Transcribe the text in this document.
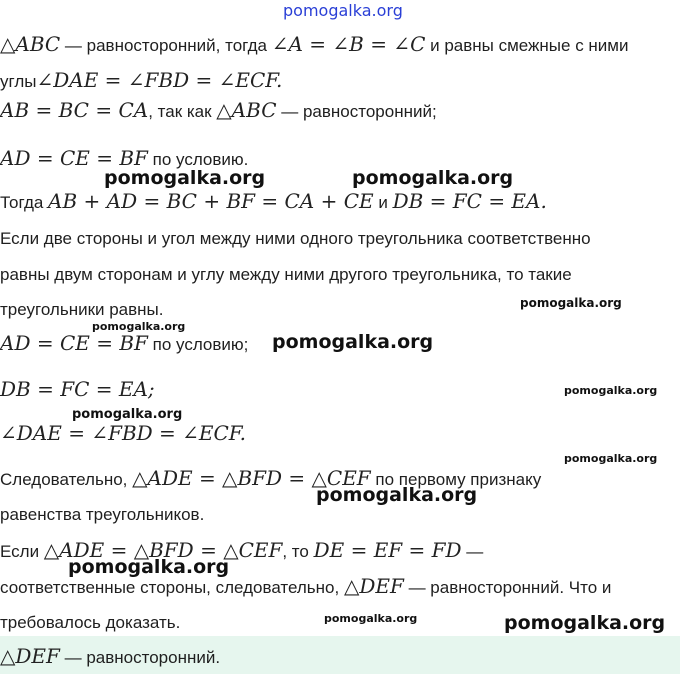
pomogalka.org
△ABC — равносторонний, тогда ∠A = ∠B = ∠C и равны смежные с ними
углы∠DAE = ∠FBD = ∠ECF.
AB = BC = CA, так как △ABC — равносторонний;
AD = CE = BF по условию.
Тогда AB + AD = BC + BF = CA + CE и DB = FC = EA.
Если две стороны и угол между ними одного треугольника соответственно
равны двум сторонам и углу между ними другого треугольника, то такие
треугольники равны.
AD = CE = BF по условию;
DB = FC = EA;
∠DAE = ∠FBD = ∠ECF.
Следовательно, △ADE = △BFD = △CEF по первому признаку
равенства треугольников.
Если △ADE = △BFD = △CEF, то DE = EF = FD —
соответственные стороны, следовательно, △DEF — равносторонний. Что и
требовалось доказать.
△DEF — равносторонний.
pomogalka.org	pomogalka.org
pomogalka.org
pomogalka.org
pomogalka.org
pomogalka.org
pomogalka.org
pomogalka.org
pomogalka.org
pomogalka.org
pomogalka.org	pomogalka.org
